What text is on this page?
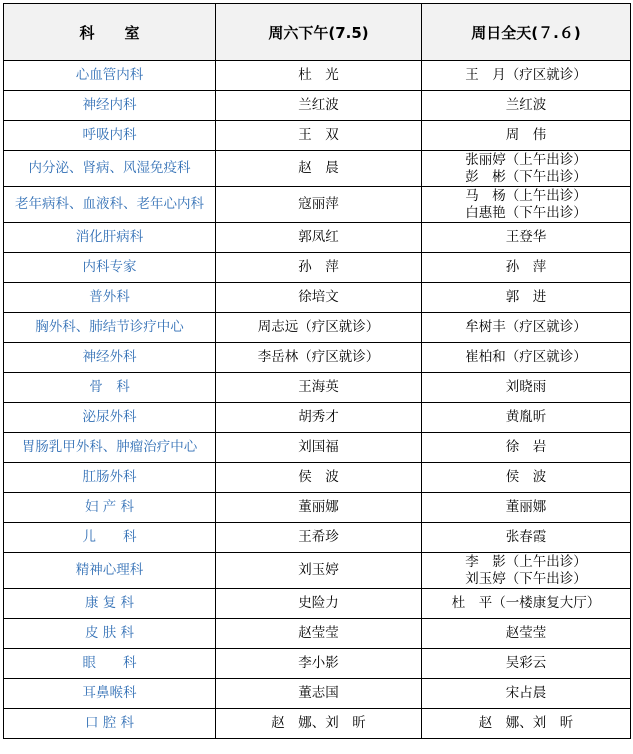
科　　室	周六下午(7.5)	周日全天(７.６)
心血管内科	杜　光	王　月（疗区就诊）

神经内科	兰红波	兰红波

呼吸内科	王　双	周　伟

内分泌、肾病、风湿免疫科	赵　晨	张丽婷（上午出诊）
彭　彬（下午出诊）

老年病科、血液科、老年心内科	寇丽萍	马　杨（上午出诊）
白惠艳（下午出诊）

消化肝病科	郭凤红	王登华

内科专家	孙　萍	孙　萍

普外科	徐培文	郭　进

胸外科、肺结节诊疗中心	周志远（疗区就诊）	牟树丰（疗区就诊）

神经外科	李岳林（疗区就诊）	崔柏和（疗区就诊）

骨　科	王海英	刘晓雨

泌尿外科	胡秀才	黄胤昕

胃肠乳甲外科、肿瘤治疗中心	刘国福	徐　岩

肛肠外科	侯　波	侯　波

妇 产 科	董丽娜	董丽娜

儿　　科	王希珍	张春霞

精神心理科	刘玉婷	李　影（上午出诊）
刘玉婷（下午出诊）

康 复 科	史险力	杜　平（一楼康复大厅）

皮 肤 科	赵莹莹	赵莹莹

眼　　科	李小影	吴彩云

耳鼻喉科	董志国	宋占晨

口 腔 科	赵　娜、刘　昕	赵　娜、刘　昕
